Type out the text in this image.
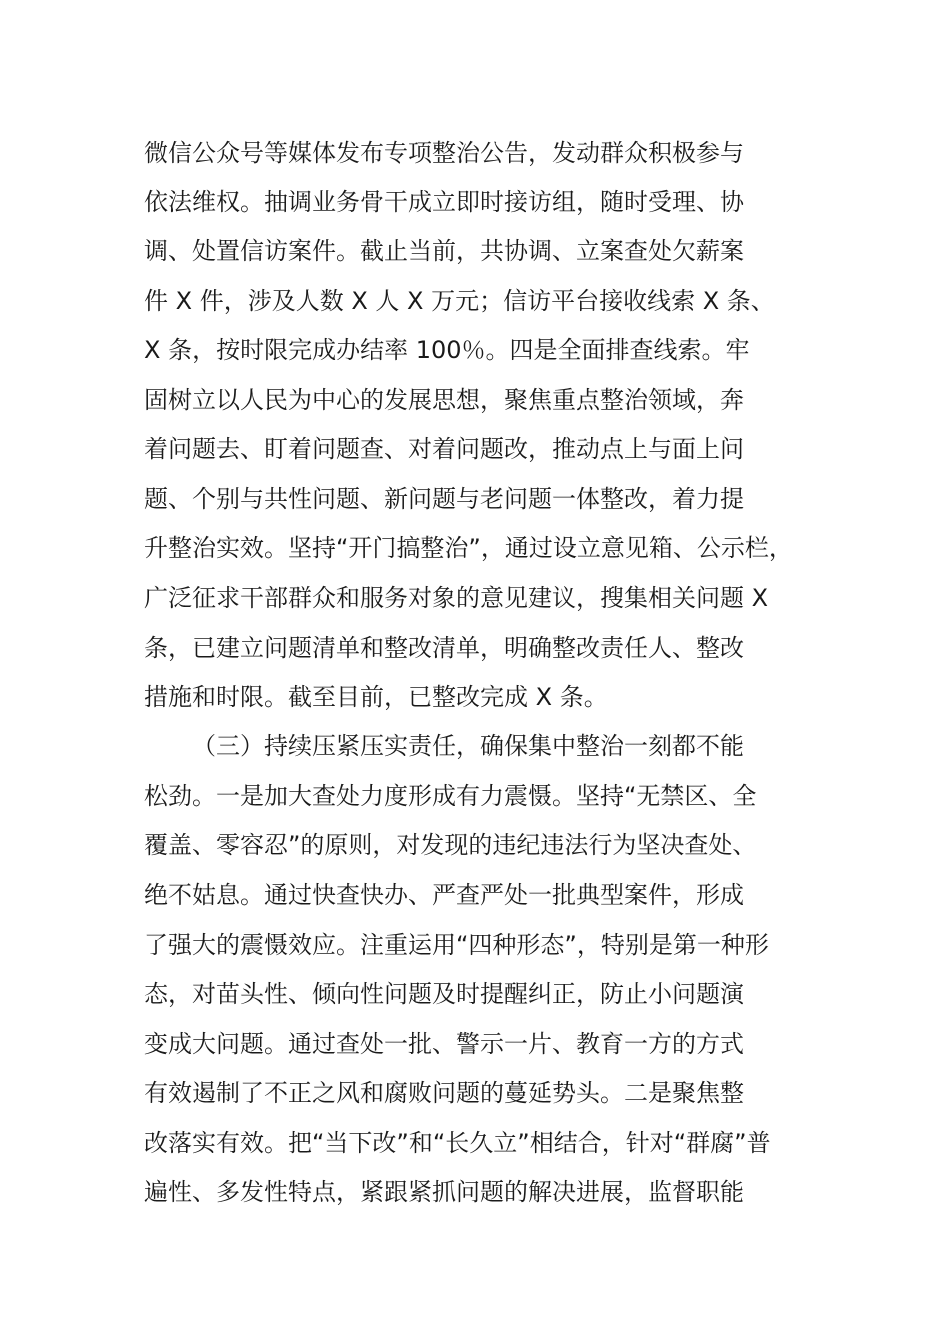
微信公众号等媒体发布专项整治公告，发动群众积极参与
依法维权。抽调业务骨干成立即时接访组，随时受理、协
调、处置信访案件。截止当前，共协调、立案查处欠薪案
件 X 件，涉及人数 X 人 X 万元；信访平台接收线索 X 条、
X 条，按时限完成办结率 100％。四是全面排查线索。牢
固树立以人民为中心的发展思想，聚焦重点整治领域，奔
着问题去、盯着问题查、对着问题改，推动点上与面上问
题、个别与共性问题、新问题与老问题一体整改，着力提
升整治实效。坚持“开门搞整治”，通过设立意见箱、公示栏，
广泛征求干部群众和服务对象的意见建议，搜集相关问题 X
条，已建立问题清单和整改清单，明确整改责任人、整改
措施和时限。截至目前，已整改完成 X 条。
（三）持续压紧压实责任，确保集中整治一刻都不能
松劲。一是加大查处力度形成有力震慑。坚持“无禁区、全
覆盖、零容忍”的原则，对发现的违纪违法行为坚决查处、
绝不姑息。通过快查快办、严查严处一批典型案件，形成
了强大的震慑效应。注重运用“四种形态”，特别是第一种形
态，对苗头性、倾向性问题及时提醒纠正，防止小问题演
变成大问题。通过查处一批、警示一片、教育一方的方式
有效遏制了不正之风和腐败问题的蔓延势头。二是聚焦整
改落实有效。把“当下改”和“长久立”相结合，针对“群腐”普
遍性、多发性特点，紧跟紧抓问题的解决进展，监督职能
